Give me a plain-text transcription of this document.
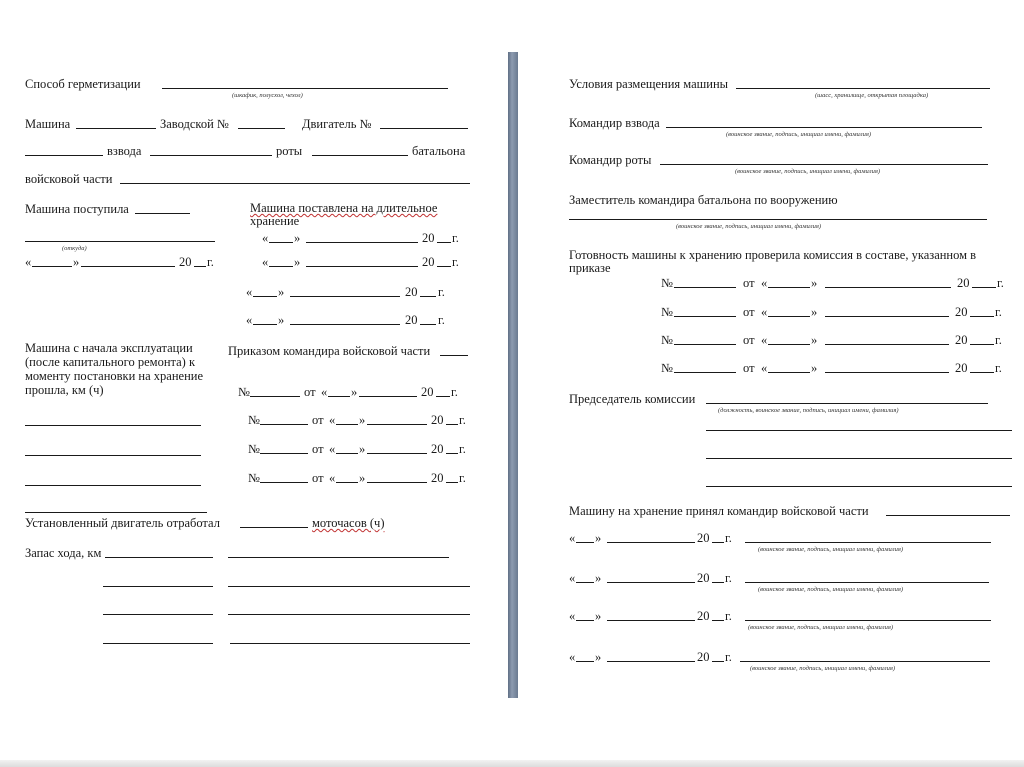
Способ герметизации
(шкафик, полусхол, чехол)
Машина	Заводской №	Двигатель №
взвода	роты	батальона
войсковой части
Машина поступила
(откуда)
«	»	20 г.
Машина поставлена на длительное
хранение
« »	20 г.
« »	20 г.
« »	20 г.
« »	20 г.
Машина с начала эксплуатации
(после капитального ремонта) к
моменту постановки на хранение
прошла, км (ч)
Приказом командира войсковой части
№	от « »	20 г.
№	от « »	20 г.
№	от « »	20 г.
№	от « »	20 г.
Установленный двигатель отработал	моточасов (ч)
Запас хода, км
Условия размещения машины
(шасс, хранилище, открытая площадка)
Командир взвода
(воинское звание, подпись, инициал имени, фамилия)
Командир роты
(воинское звание, подпись, инициал имени, фамилия)
Заместитель командира батальона по вооружению
(воинское звание, подпись, инициал имени, фамилия)
Готовность машины к хранению проверила комиссия в составе, указанном в
приказе
№	от «	»	20 г.
№	от «	»	20 г.
№	от «	»	20 г.
№	от «	»	20 г.
Председатель комиссии
(должность, воинское звание, подпись, инициал имени, фамилия)
Машину на хранение принял командир войсковой части
« »	20 г.
(воинское звание, подпись, инициал имени, фамилия)
« »	20 г.
(воинское звание, подпись, инициал имени, фамилия)
« »	20 г.
(воинское звание, подпись, инициал имени, фамилия)
« »	20 г.
(воинское звание, подпись, инициал имени, фамилия)
